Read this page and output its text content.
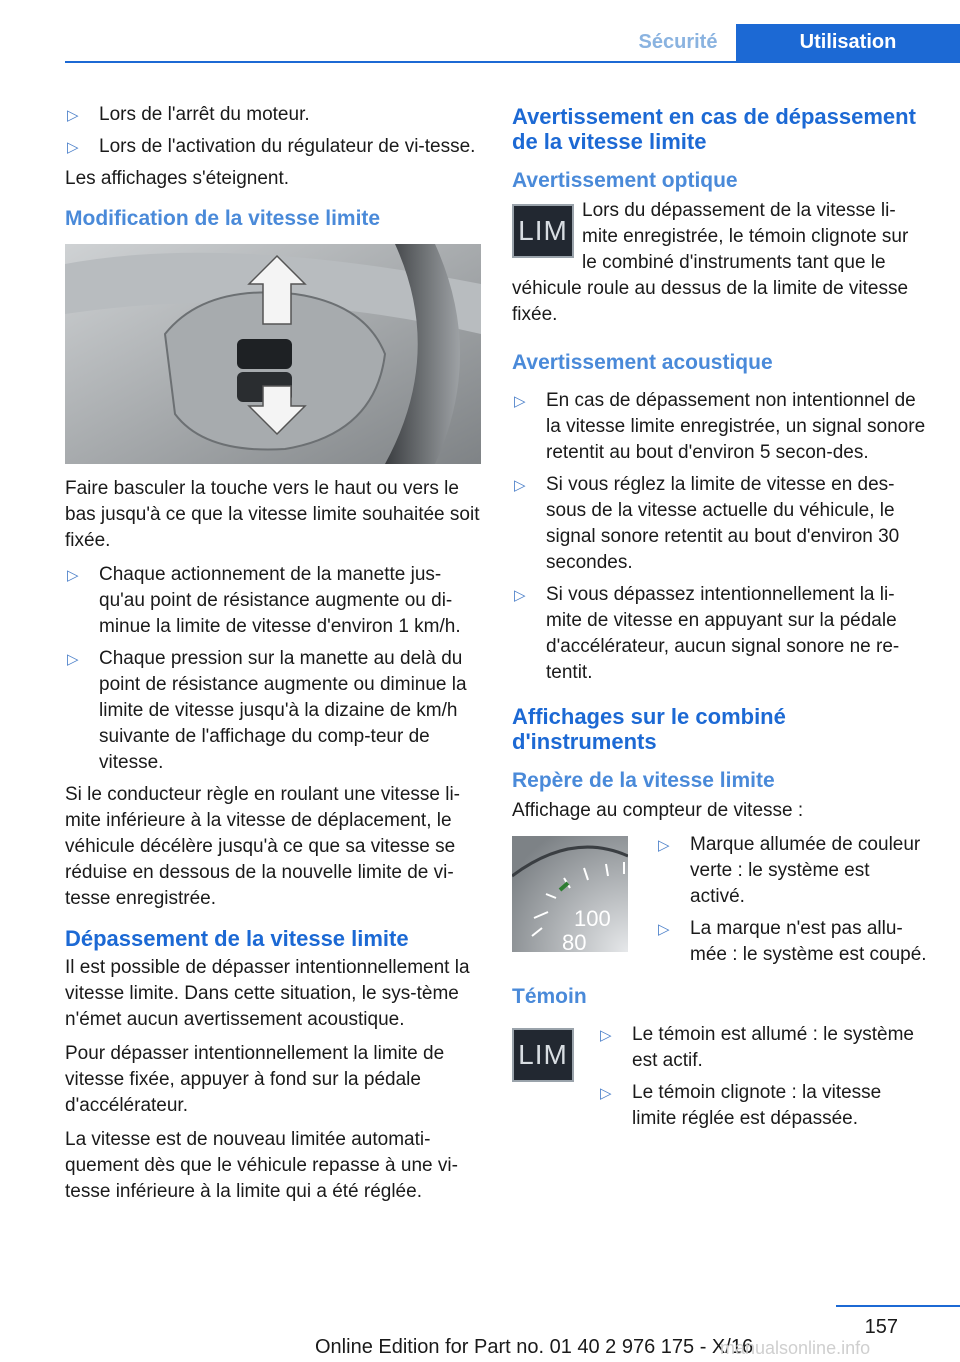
Sécurité	Utilisation
▷ Lors de l'arrêt du moteur.
▷ Lors de l'activation du régulateur de vi-tesse.

Les affichages s'éteignent.

Modification de la vitesse limite

Faire basculer la touche vers le haut ou vers le bas jusqu'à ce que la vitesse limite souhaitée soit fixée.

▷ Chaque actionnement de la manette jus-qu'au point de résistance augmente ou di-minue la limite de vitesse d'environ 1 km/h.
▷ Chaque pression sur la manette au delà du point de résistance augmente ou diminue la limite de vitesse jusqu'à la dizaine de km/h suivante de l'affichage du comp-teur de vitesse.

Si le conducteur règle en roulant une vitesse li-mite inférieure à la vitesse de déplacement, le véhicule décélère jusqu'à ce que sa vitesse se réduise en dessous de la nouvelle limite de vi-tesse enregistrée.

Dépassement de la vitesse limite

Il est possible de dépasser intentionnellement la vitesse limite. Dans cette situation, le sys-tème n'émet aucun avertissement acoustique.

Pour dépasser intentionnellement la limite de vitesse fixée, appuyer à fond sur la pédale d'accélérateur.

La vitesse est de nouveau limitée automati-quement dès que le véhicule repasse à une vi-tesse inférieure à la limite qui a été réglée.

Avertissement en cas de dépassement de la vitesse limite
Avertissement optique
LIM

Lors du dépassement de la vitesse li-mite enregistrée, le témoin clignote sur le combiné d'instruments tant que le véhicule roule au dessus de la limite de vitesse fixée.

Avertissement acoustique
▷ En cas de dépassement non intentionnel de la vitesse limite enregistrée, un signal sonore retentit au bout d'environ 5 secon-des.
▷ Si vous réglez la limite de vitesse en des-sous de la vitesse actuelle du véhicule, le signal sonore retentit au bout d'environ 30 secondes.
▷ Si vous dépassez intentionnellement la li-mite de vitesse en appuyant sur la pédale d'accélérateur, aucun signal sonore ne re-tentit.
Affichages sur le combiné d'instruments
Repère de la vitesse limite

Affichage au compteur de vitesse :

100
80
▷ Marque allumée de couleur verte : le système est activé.
▷ La marque n'est pas allu-mée : le système est coupé.
Témoin
LIM
▷ Le témoin est allumé : le système est actif.
▷ Le témoin clignote : la vitesse limite réglée est dépassée.
157
Online Edition for Part no. 01 40 2 976 175 - X/16
manualsonline.info
